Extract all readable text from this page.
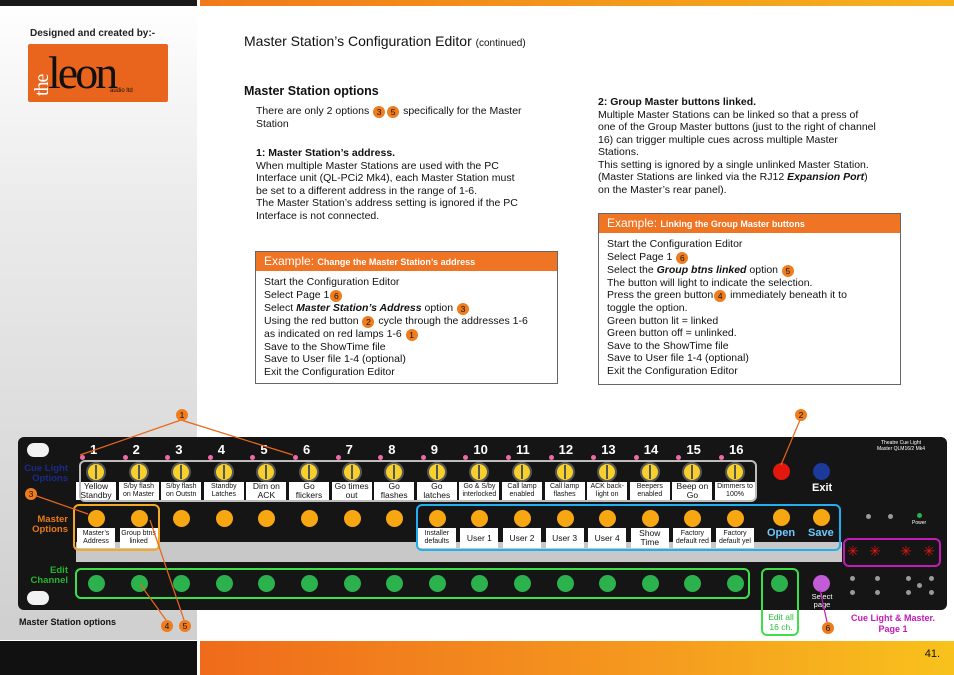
41.
Designed and created by:-
the
leon
audio ltd
Master Station’s Configuration Editor (continued)
Master Station options
There are only 2 options 3 5 specifically for the Master
Station
1: Master Station’s address.
When multiple Master Stations are used with the PC
Interface unit (QL-PCi2 Mk4), each Master Station must
be set to a different address in the range of 1-6.
The Master Station’s address setting is ignored if the PC
Interface is not connected.
2: Group Master buttons linked.
Multiple Master Stations can be linked so that a press of
one of the Group Master buttons (just to the right of channel
16) can trigger multiple cues across multiple Master
Stations.
This setting is ignored by a single unlinked Master Station.
(Master Stations are linked via the RJ12 Expansion Port)
on the Master’s rear panel).
Example: Change the Master Station’s address
Start the Configuration Editor
Select Page 1 6
Select Master Station’s Address option 3
Using the red button 2 cycle through the addresses 1-6
as indicated on red lamps 1-6 1
Save to the ShowTime file
Save to User file 1-4 (optional)
Exit the Configuration Editor
Example: Linking the Group Master buttons
Start the Configuration Editor
Select Page 1 6
Select the Group btns linked option 5
The button will light to indicate the selection.
Press the green button 4 immediately beneath it to
toggle the option.
Green button lit = linked
Green button off = unlinked.
Save to the ShowTime file
Save to User file 1-4 (optional)
Exit the Configuration Editor
Cue Light Options
Master Options
Edit Channel
1
Yellow Standby
Master’s Address
2
S/by flash on Master
Group btns linked
3
S/by flash on Outstn
4
Standby Latches
5
Dim on ACK
6
Go flickers
7
Go times out
8
Go flashes
9
Go latches
Installer defaults
10
Go & S/by interlocked
User 1
11
Call lamp enabled
User 2
12
Call lamp flashes
User 3
13
ACK back-light on
User 4
14
Beepers enabled
Show Time
15
Beep on Go
Factory default red
16
Dimmers to 100%
Factory default yel
Exit
Open Save
Select page
Theatre Cue Light
Master QLM16/2 Mk4
Power
✳ ✳ ✳ ✳
Edit all 16 ch.
1	2
3
4	5	6
Master Station options	Cue Light & Master.
Page 1
